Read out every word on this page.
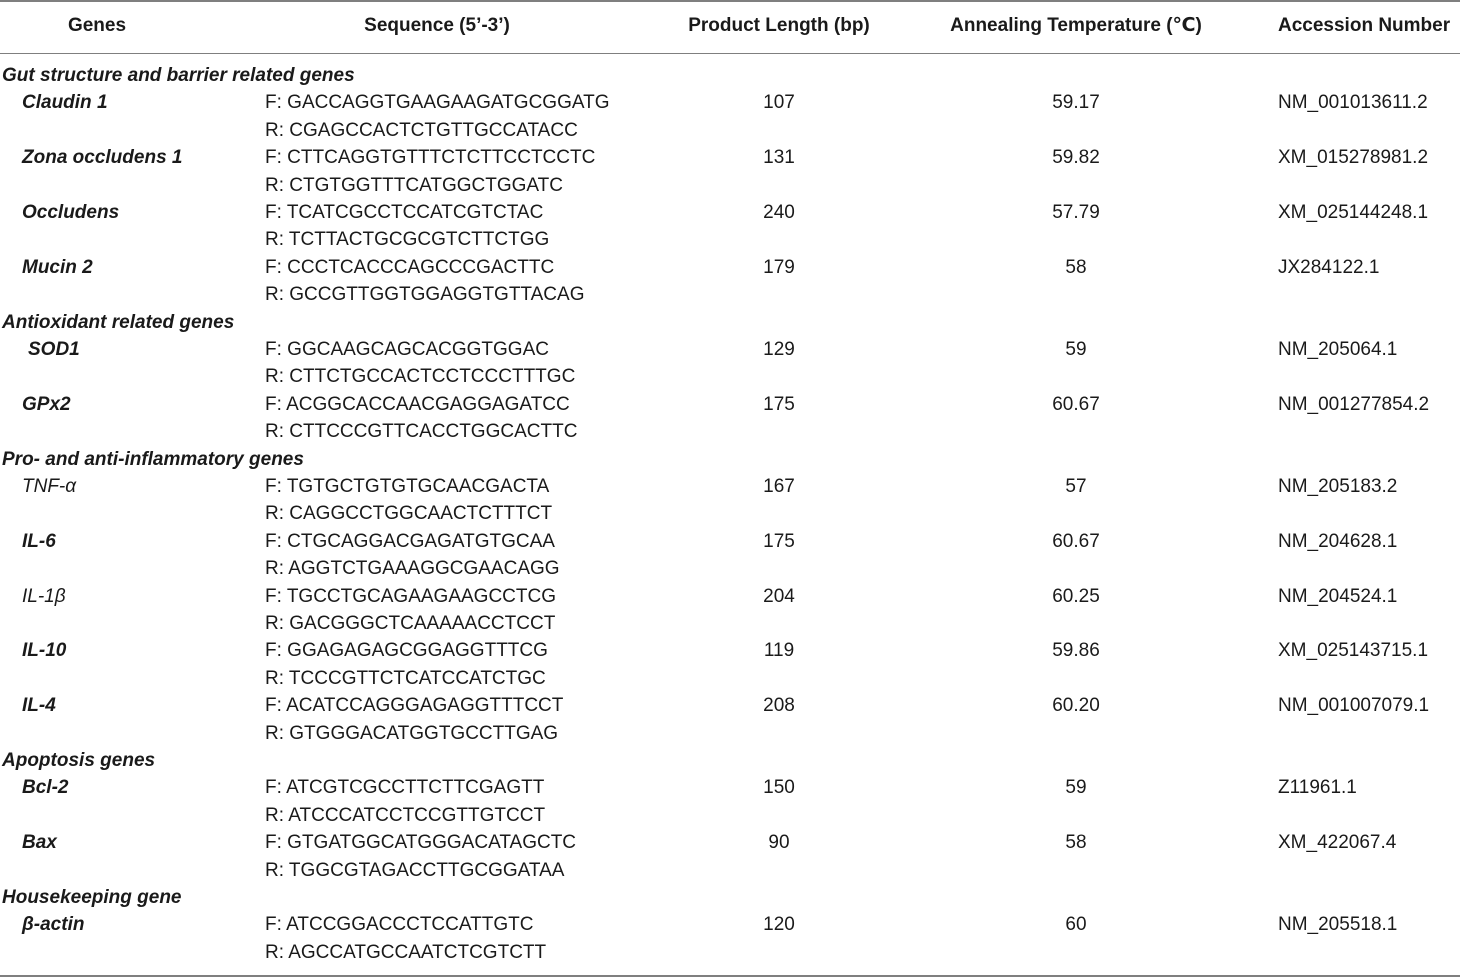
Genes	Sequence (5’-3’)	Product Length (bp)	Annealing Temperature (℃)	Accession Number
Gut structure and barrier related genes
Claudin 1	F: GACCAGGTGAAGAAGATGCGGATG	107	59.17	NM_001013611.2
R: CGAGCCACTCTGTTGCCATACC
Zona occludens 1	F: CTTCAGGTGTTTCTCTTCCTCCTC	131	59.82	XM_015278981.2
R: CTGTGGTTTCATGGCTGGATC
Occludens	F: TCATCGCCTCCATCGTCTAC	240	57.79	XM_025144248.1
R: TCTTACTGCGCGTCTTCTGG
Mucin 2	F: CCCTCACCCAGCCCGACTTC	179	58	JX284122.1
R: GCCGTTGGTGGAGGTGTTACAG
Antioxidant related genes
SOD1	F: GGCAAGCAGCACGGTGGAC	129	59	NM_205064.1
R: CTTCTGCCACTCCTCCCTTTGC
GPx2	F: ACGGCACCAACGAGGAGATCC	175	60.67	NM_001277854.2
R: CTTCCCGTTCACCTGGCACTTC
Pro- and anti-inflammatory genes
TNF-α	F: TGTGCTGTGTGCAACGACTA	167	57	NM_205183.2
R: CAGGCCTGGCAACTCTTTCT
IL-6	F: CTGCAGGACGAGATGTGCAA	175	60.67	NM_204628.1
R: AGGTCTGAAAGGCGAACAGG
IL-1β	F: TGCCTGCAGAAGAAGCCTCG	204	60.25	NM_204524.1
R: GACGGGCTCAAAAACCTCCT
IL-10	F: GGAGAGAGCGGAGGTTTCG	119	59.86	XM_025143715.1
R: TCCCGTTCTCATCCATCTGC
IL-4	F: ACATCCAGGGAGAGGTTTCCT	208	60.20	NM_001007079.1
R: GTGGGACATGGTGCCTTGAG
Apoptosis genes
Bcl-2	F: ATCGTCGCCTTCTTCGAGTT	150	59	Z11961.1
R: ATCCCATCCTCCGTTGTCCT
Bax	F: GTGATGGCATGGGACATAGCTC	90	58	XM_422067.4
R: TGGCGTAGACCTTGCGGATAA
Housekeeping gene
β-actin	F: ATCCGGACCCTCCATTGTC	120	60	NM_205518.1
R: AGCCATGCCAATCTCGTCTT
